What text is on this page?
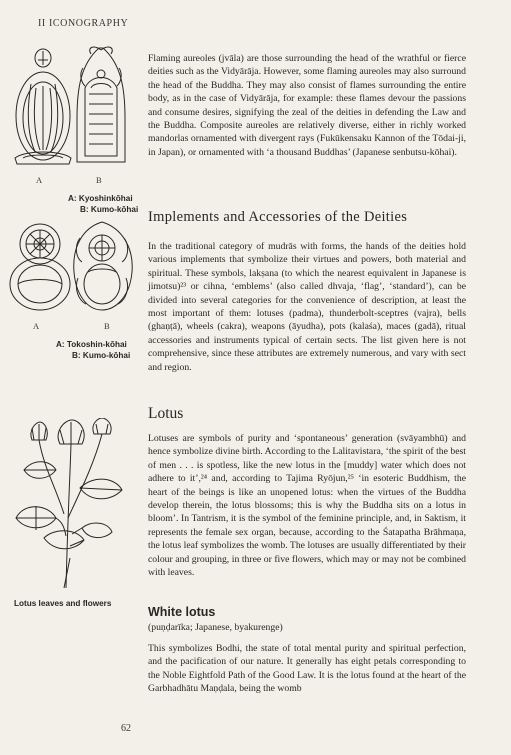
II ICONOGRAPHY
A	B
A: Kyoshinkōhai
B: Kumo-kōhai
A	B
A: Tokoshin-kōhai
B: Kumo-kōhai
Lotus leaves and flowers

Flaming aureoles (jvāla) are those surrounding the head of the wrathful or fierce deities such as the Vidyārāja. However, some flaming aureoles may also surround the head of the Buddha. They may also consist of flames surrounding the entire body, as in the case of Vidyārāja, for example: these flames devour the passions and consume desires, signifying the zeal of the deities in defending the Law and the Buddha. Composite aureoles are relatively diverse, either in richly worked mandorlas ornamented with divergent rays (Fukūkensaku Kannon of the Tōdai-ji, in Japan), or ornamented with ‘a thousand Buddhas’ (Japanese senbutsu-kōhai).

Implements and Accessories of the Deities

In the traditional category of mudrās with forms, the hands of the deities hold various implements that symbolize their virtues and powers, both material and spiritual. These symbols, lakṣana (to which the nearest equivalent in Japanese is jimotsu)²³ or cihna, ‘emblems’ (also called dhvaja, ‘flag’, ‘standard’), can be divided into several categories for the convenience of description, at least the most important of them: lotuses (padma), thunderbolt-sceptres (vajra), bells (ghaṇṭā), wheels (cakra), weapons (āyudha), pots (kalaśa), maces (gadā), ritual accessories and instruments typical of certain sects. The list given here is not comprehensive, since these attributes are extremely numerous, and vary with sect and region.

Lotus

Lotuses are symbols of purity and ‘spontaneous’ generation (svāyambhū) and hence symbolize divine birth. According to the Lalitavistara, ‘the spirit of the best of men . . . is spotless, like the new lotus in the [muddy] water which does not adhere to it’,²⁴ and, according to Tajima Ryōjun,²⁵ ‘in esoteric Buddhism, the heart of the beings is like an unopened lotus: when the virtues of the Buddha develop therein, the lotus blossoms; this is why the Buddha sits on a lotus in bloom’. In Tantrism, it is the symbol of the feminine principle, and, in Saktism, it represents the female sex organ, because, according to the Śatapatha Brāhmaṇa, the lotus leaf symbolizes the womb. The lotuses are usually differentiated by their colour and grouping, in three or five flowers, which may or may not be combined with leaves.

White lotus
(puṇḍarīka; Japanese, byakurenge)

This symbolizes Bodhi, the state of total mental purity and spiritual perfection, and the pacification of our nature. It generally has eight petals corresponding to the Noble Eightfold Path of the Good Law. It is the lotus found at the heart of the Garbhadhātu Maṇḍala, being the womb

62
